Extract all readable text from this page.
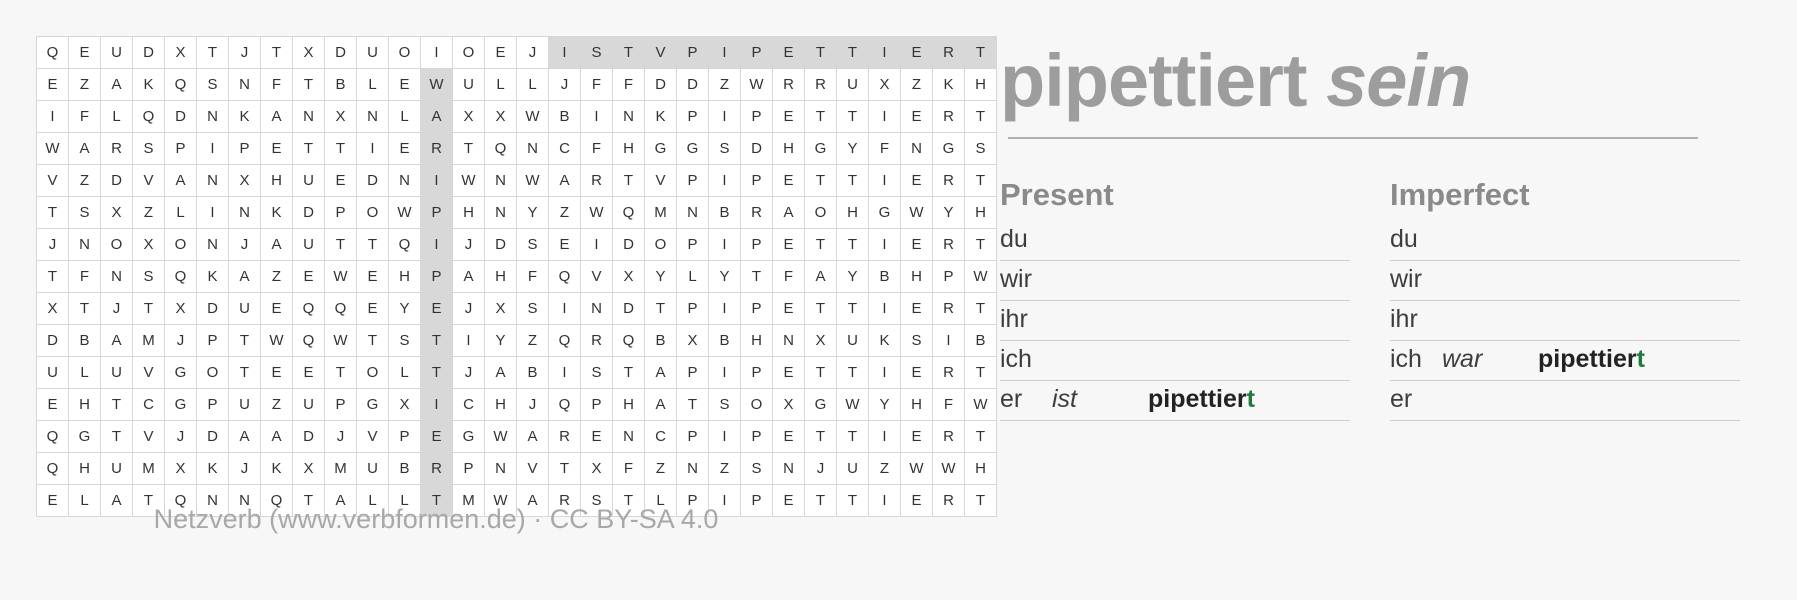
Q	E	U	D	X	T	J	T	X	D	U	O	I	O	E	J	I	S	T	V	P	I	P	E	T	T	I	E	R	T
E	Z	A	K	Q	S	N	F	T	B	L	E	W	U	L	L	J	F	F	D	D	Z	W	R	R	U	X	Z	K	H
I	F	L	Q	D	N	K	A	N	X	N	L	A	X	X	W	B	I	N	K	P	I	P	E	T	T	I	E	R	T
W	A	R	S	P	I	P	E	T	T	I	E	R	T	Q	N	C	F	H	G	G	S	D	H	G	Y	F	N	G	S
V	Z	D	V	A	N	X	H	U	E	D	N	I	W	N	W	A	R	T	V	P	I	P	E	T	T	I	E	R	T
T	S	X	Z	L	I	N	K	D	P	O	W	P	H	N	Y	Z	W	Q	M	N	B	R	A	O	H	G	W	Y	H
J	N	O	X	O	N	J	A	U	T	T	Q	I	J	D	S	E	I	D	O	P	I	P	E	T	T	I	E	R	T
T	F	N	S	Q	K	A	Z	E	W	E	H	P	A	H	F	Q	V	X	Y	L	Y	T	F	A	Y	B	H	P	W
X	T	J	T	X	D	U	E	Q	Q	E	Y	E	J	X	S	I	N	D	T	P	I	P	E	T	T	I	E	R	T
D	B	A	M	J	P	T	W	Q	W	T	S	T	I	Y	Z	Q	R	Q	B	X	B	H	N	X	U	K	S	I	B
U	L	U	V	G	O	T	E	E	T	O	L	T	J	A	B	I	S	T	A	P	I	P	E	T	T	I	E	R	T
E	H	T	C	G	P	U	Z	U	P	G	X	I	C	H	J	Q	P	H	A	T	S	O	X	G	W	Y	H	F	W
Q	G	T	V	J	D	A	A	D	J	V	P	E	G	W	A	R	E	N	C	P	I	P	E	T	T	I	E	R	T
Q	H	U	M	X	K	J	K	X	M	U	B	R	P	N	V	T	X	F	Z	N	Z	S	N	J	U	Z	W	W	H
E	L	A	T	Q	N	N	Q	T	A	L	L	T	M	W	A	R	S	T	L	P	I	P	E	T	T	I	E	R	T
Netzverb (www.verbformen.de) · CC BY-SA 4.0
pipettiert sein
Present
du
wir
ihr
ich
er	ist	pipettiert
Imperfect
du
wir
ihr
ich war	pipettiert
er
